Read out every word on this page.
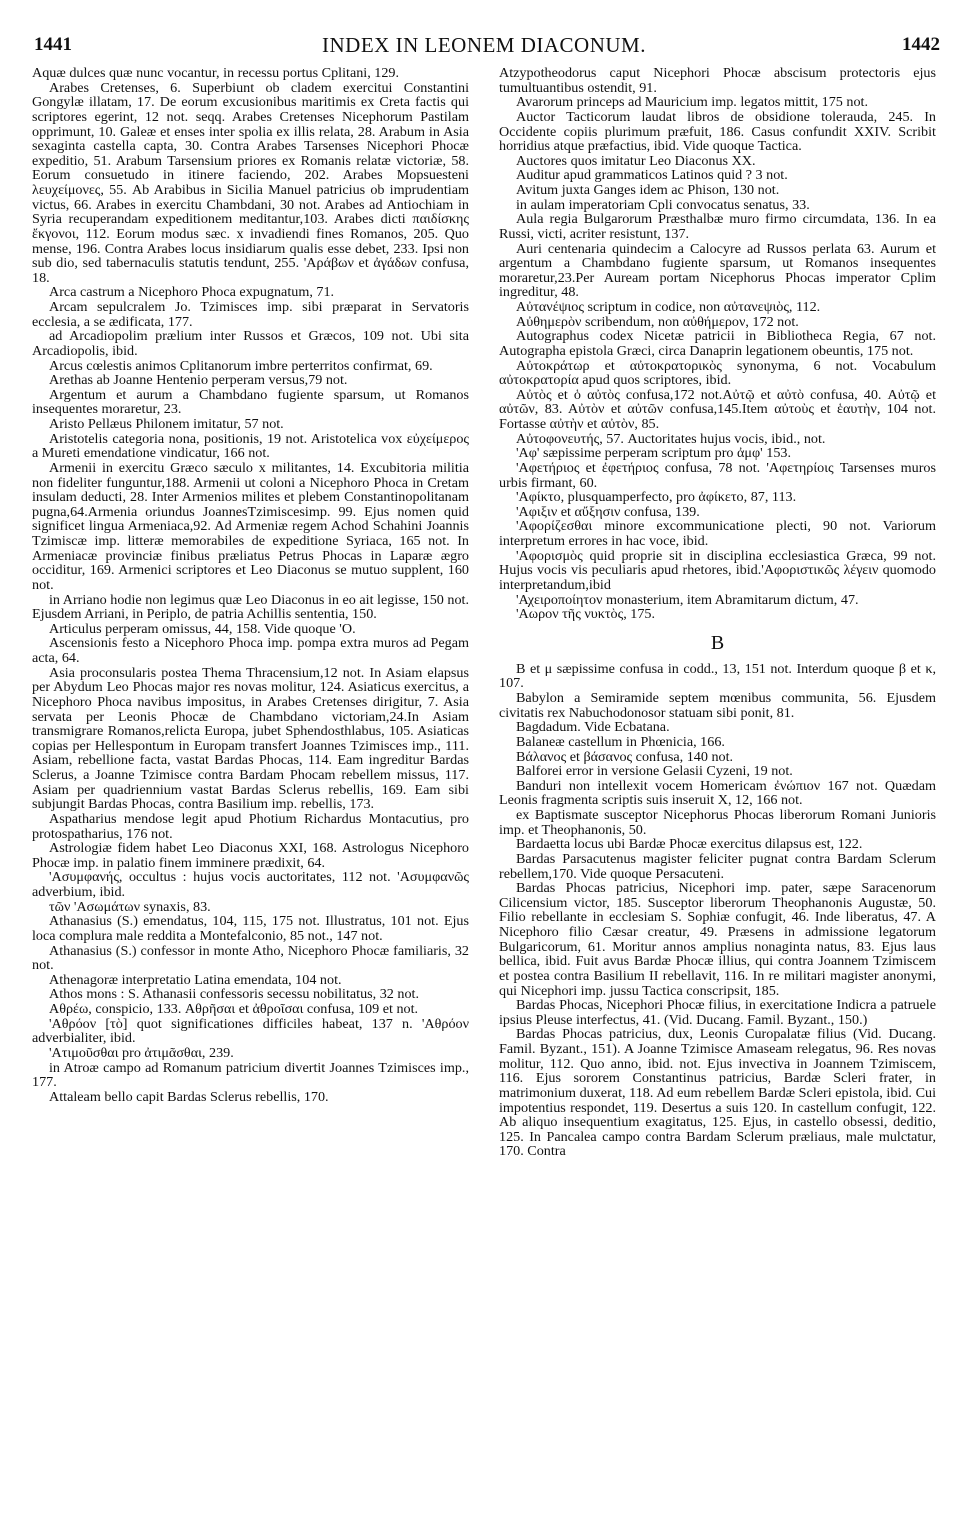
1441	INDEX IN LEONEM DIACONUM.	1442

Aquæ dulces quæ nunc vocantur, in recessu portus Cplitani, 129.

Arabes Cretenses, 6. Superbiunt ob cladem exercitui Constantini Gongylæ illatam, 17. De eorum excusionibus maritimis ex Creta factis qui scriptores egerint, 12 not. seqq. Arabes Cretenses Nicephorum Pastilam opprimunt, 10. Galeæ et enses inter spolia ex illis relata, 28. Arabum in Asia sexaginta castella capta, 30. Contra Arabes Tarsenses Nicephori Phocæ expeditio, 51. Arabum Tarsensium priores ex Romanis relatæ victoriæ, 58. Eorum consuetudo in itinere faciendo, 202. Arabes Mopsuesteni λευχείμονες, 55. Ab Arabibus in Sicilia Manuel patricius ob imprudentiam victus, 66. Arabes in exercitu Chambdani, 30 not. Arabes ad Antiochiam in Syria recuperandam expeditionem meditantur,103. Arabes dicti παιδίσκης ἔκγονοι, 112. Eorum modus sæc. x invadiendi fines Romanos, 205. Quo mense, 196. Contra Arabes locus insidiarum qualis esse debet, 233. Ipsi non sub dio, sed tabernaculis statutis tendunt, 255. 'Αράβων et ἀγάδων confusa, 18.

Arca castrum a Nicephoro Phoca expugnatum, 71.

Arcam sepulcralem Jo. Tzimisces imp. sibi præparat in Servatoris ecclesia, a se ædificata, 177.

ad Arcadiopolim prælium inter Russos et Græcos, 109 not. Ubi sita Arcadiopolis, ibid.

Arcus cœlestis animos Cplitanorum imbre perterritos confirmat, 69.

Arethas ab Joanne Hentenio perperam versus,79 not.

Argentum et aurum a Chambdano fugiente sparsum, ut Romanos insequentes moraretur, 23.

Aristo Pellæus Philonem imitatur, 57 not.

Aristotelis categoria nona, positionis, 19 not. Aristotelica vox εὐχείμερος a Mureti emendatione vindicatur, 166 not.

Armenii in exercitu Græco sæculo x militantes, 14. Excubitoria militia non fideliter funguntur,188. Armenii ut coloni a Nicephoro Phoca in Cretam insulam deducti, 28. Inter Armenios milites et plebem Constantinopolitanam pugna,64.Armenia oriundus JoannesTzimiscesimp. 99. Ejus nomen quid significet lingua Armeniaca,92. Ad Armeniæ regem Achod Schahini Joannis Tzimiscæ imp. litteræ memorabiles de expeditione Syriaca, 165 not. In Armeniacæ provinciæ finibus præliatus Petrus Phocas in Laparæ ægro occiditur, 169. Armenici scriptores et Leo Diaconus se mutuo supplent, 160 not.

in Arriano hodie non legimus quæ Leo Diaconus in eo ait legisse, 150 not. Ejusdem Arriani, in Periplo, de patria Achillis sententia, 150.

Articulus perperam omissus, 44, 158. Vide quoque 'O.

Ascensionis festo a Nicephoro Phoca imp. pompa extra muros ad Pegam acta, 64.

Asia proconsularis postea Thema Thracensium,12 not. In Asiam elapsus per Abydum Leo Phocas major res novas molitur, 124. Asiaticus exercitus, a Nicephoro Phoca navibus impositus, in Arabes Cretenses dirigitur, 7. Asia servata per Leonis Phocæ de Chambdano victoriam,24.In Asiam transmigrare Romanos,relicta Europa, jubet Sphendosthlabus, 105. Asiaticas copias per Hellespontum in Europam transfert Joannes Tzimisces imp., 111. Asiam, rebellione facta, vastat Bardas Phocas, 114. Eam ingreditur Bardas Sclerus, a Joanne Tzimisce contra Bardam Phocam rebellem missus, 117. Asiam per quadriennium vastat Bardas Sclerus rebellis, 169. Eam sibi subjungit Bardas Phocas, contra Basilium imp. rebellis, 173.

Aspatharius mendose legit apud Photium Richardus Montacutius, pro protospatharius, 176 not.

Astrologiæ fidem habet Leo Diaconus XXI, 168. Astrologus Nicephoro Phocæ imp. in palatio finem imminere prædixit, 64.

'Ασυμφανής, occultus : hujus vocis auctoritates, 112 not. 'Ασυμφανῶς adverbium, ibid.

τῶν 'Ασωμάτων synaxis, 83.

Athanasius (S.) emendatus, 104, 115, 175 not. Illustratus, 101 not. Ejus loca complura male reddita a Montefalconio, 85 not., 147 not.

Athanasius (S.) confessor in monte Atho, Nicephoro Phocæ familiaris, 32 not.

Athenagoræ interpretatio Latina emendata, 104 not.

Athos mons : S. Athanasii confessoris secessu nobilitatus, 32 not.

Αθρέω, conspicio, 133. Αθρῆσαι et ἀθροῖσαι confusa, 109 et not.

'Αθρόον [τὸ] quot significationes difficiles habeat, 137 n. 'Αθρόον adverbialiter, ibid.

'Ατιμοῦσθαι pro ἀτιμᾶσθαι, 239.

in Atroæ campo ad Romanum patricium divertit Joannes Tzimisces imp., 177.

Attaleam bello capit Bardas Sclerus rebellis, 170.

Atzypotheodorus caput Nicephori Phocæ abscisum protectoris ejus tumultuantibus ostendit, 91.

Avarorum princeps ad Mauricium imp. legatos mittit, 175 not.

Auctor Tacticorum laudat libros de obsidione tolerauda, 245. In Occidente copiis plurimum præfuit, 186. Casus confundit XXIV. Scribit horridius atque præfactius, ibid. Vide quoque Tactica.

Auctores quos imitatur Leo Diaconus XX.

Auditur apud grammaticos Latinos quid ? 3 not.

Avitum juxta Ganges idem ac Phison, 130 not.

in aulam imperatoriam Cpli convocatus senatus, 33.

Aula regia Bulgarorum Præsthalbæ muro firmo circumdata, 136. In ea Russi, victi, acriter resistunt, 137.

Auri centenaria quindecim a Calocyre ad Russos perlata 63. Aurum et argentum a Chambdano fugiente sparsum, ut Romanos insequentes moraretur,23.Per Auream portam Nicephorus Phocas imperator Cplim ingreditur, 48.

Αὐτανέψιος scriptum in codice, non αὐτανεψιὸς, 112.

Αὐθημερὸν scribendum, non αὐθήμερον, 172 not.

Autographus codex Nicetæ patricii in Bibliotheca Regia, 67 not. Autographa epistola Græci, circa Danaprin legationem obeuntis, 175 not.

Αὐτοκράτωρ et αὐτοκρατορικὸς synonyma, 6 not. Vocabulum αὐτοκρατορία apud quos scriptores, ibid.

Αὐτὸς et ὁ αὐτὸς confusa,172 not.Αὐτῷ et αὐτὸ confusa, 40. Αὐτῷ et αὐτῶν, 83. Αὐτὸν et αὐτῶν confusa,145.Item αὐτοὺς et ἑαυτὴν, 104 not. Fortasse αὐτὴν et αὐτὸν, 85.

Αὐτοφονευτής, 57. Auctoritates hujus vocis, ibid., not.

'Αφ' sæpissime perperam scriptum pro ἀμφ' 153.

'Αφετήριος et ἐφετήριος confusa, 78 not. 'Αφετηρίοις Tarsenses muros urbis firmant, 60.

'Αφίκτο, plusquamperfecto, pro ἀφίκετο, 87, 113.

'Αφιξιν et αὔξησιν confusa, 139.

'Αφορίζεσθαι minore excommunicatione plecti, 90 not. Variorum interpretum errores in hac voce, ibid.

'Αφορισμὸς quid proprie sit in disciplina ecclesiastica Græca, 99 not. Hujus vocis vis peculiaris apud rhetores, ibid.'Αφοριστικῶς λέγειν quomodo interpretandum,ibid

'Αχειροποίητον monasterium, item Abramitarum dictum, 47.

'Αωρον τῆς νυκτὸς, 175.

B

B et μ sæpissime confusa in codd., 13, 151 not. Interdum quoque β et κ, 107.

Babylon a Semiramide septem mœnibus communita, 56. Ejusdem civitatis rex Nabuchodonosor statuam sibi ponit, 81.

Bagdadum. Vide Ecbatana.

Balaneæ castellum in Phœnicia, 166.

Βάλανος et βάσανος confusa, 140 not.

Balforei error in versione Gelasii Cyzeni, 19 not.

Banduri non intellexit vocem Homericam ἐνώπιον 167 not. Quædam Leonis fragmenta scriptis suis inseruit X, 12, 166 not.

ex Baptismate susceptor Nicephorus Phocas liberorum Romani Junioris imp. et Theophanonis, 50.

Bardaetta locus ubi Bardæ Phocæ exercitus dilapsus est, 122.

Bardas Parsacutenus magister feliciter pugnat contra Bardam Sclerum rebellem,170. Vide quoque Persacuteni.

Bardas Phocas patricius, Nicephori imp. pater, sæpe Saracenorum Cilicensium victor, 185. Susceptor liberorum Theophanonis Augustæ, 50. Filio rebellante in ecclesiam S. Sophiæ confugit, 46. Inde liberatus, 47. A Nicephoro filio Cæsar creatur, 49. Præsens in admissione legatorum Bulgaricorum, 61. Moritur annos amplius nonaginta natus, 83. Ejus laus bellica, ibid. Fuit avus Bardæ Phocæ illius, qui contra Joannem Tzimiscem et postea contra Basilium II rebellavit, 116. In re militari magister anonymi, qui Nicephori imp. jussu Tactica conscripsit, 185.

Bardas Phocas, Nicephori Phocæ filius, in exercitatione Indicra a patruele ipsius Pleuse interfectus, 41. (Vid. Ducang. Famil. Byzant., 150.)

Bardas Phocas patricius, dux, Leonis Curopalatæ filius (Vid. Ducang. Famil. Byzant., 151). A Joanne Tzimisce Amaseam relegatus, 96. Res novas molitur, 112. Quo anno, ibid. not. Ejus invectiva in Joannem Tzimiscem, 116. Ejus sororem Constantinus patricius, Bardæ Scleri frater, in matrimonium duxerat, 118. Ad eum rebellem Bardæ Scleri epistola, ibid. Cui impotentius respondet, 119. Desertus a suis 120. In castellum confugit, 122. Ab aliquo insequentium exagitatus, 125. Ejus, in castello obsessi, deditio, 125. In Pancalea campo contra Bardam Sclerum præliaus, male mulctatur, 170. Contra
